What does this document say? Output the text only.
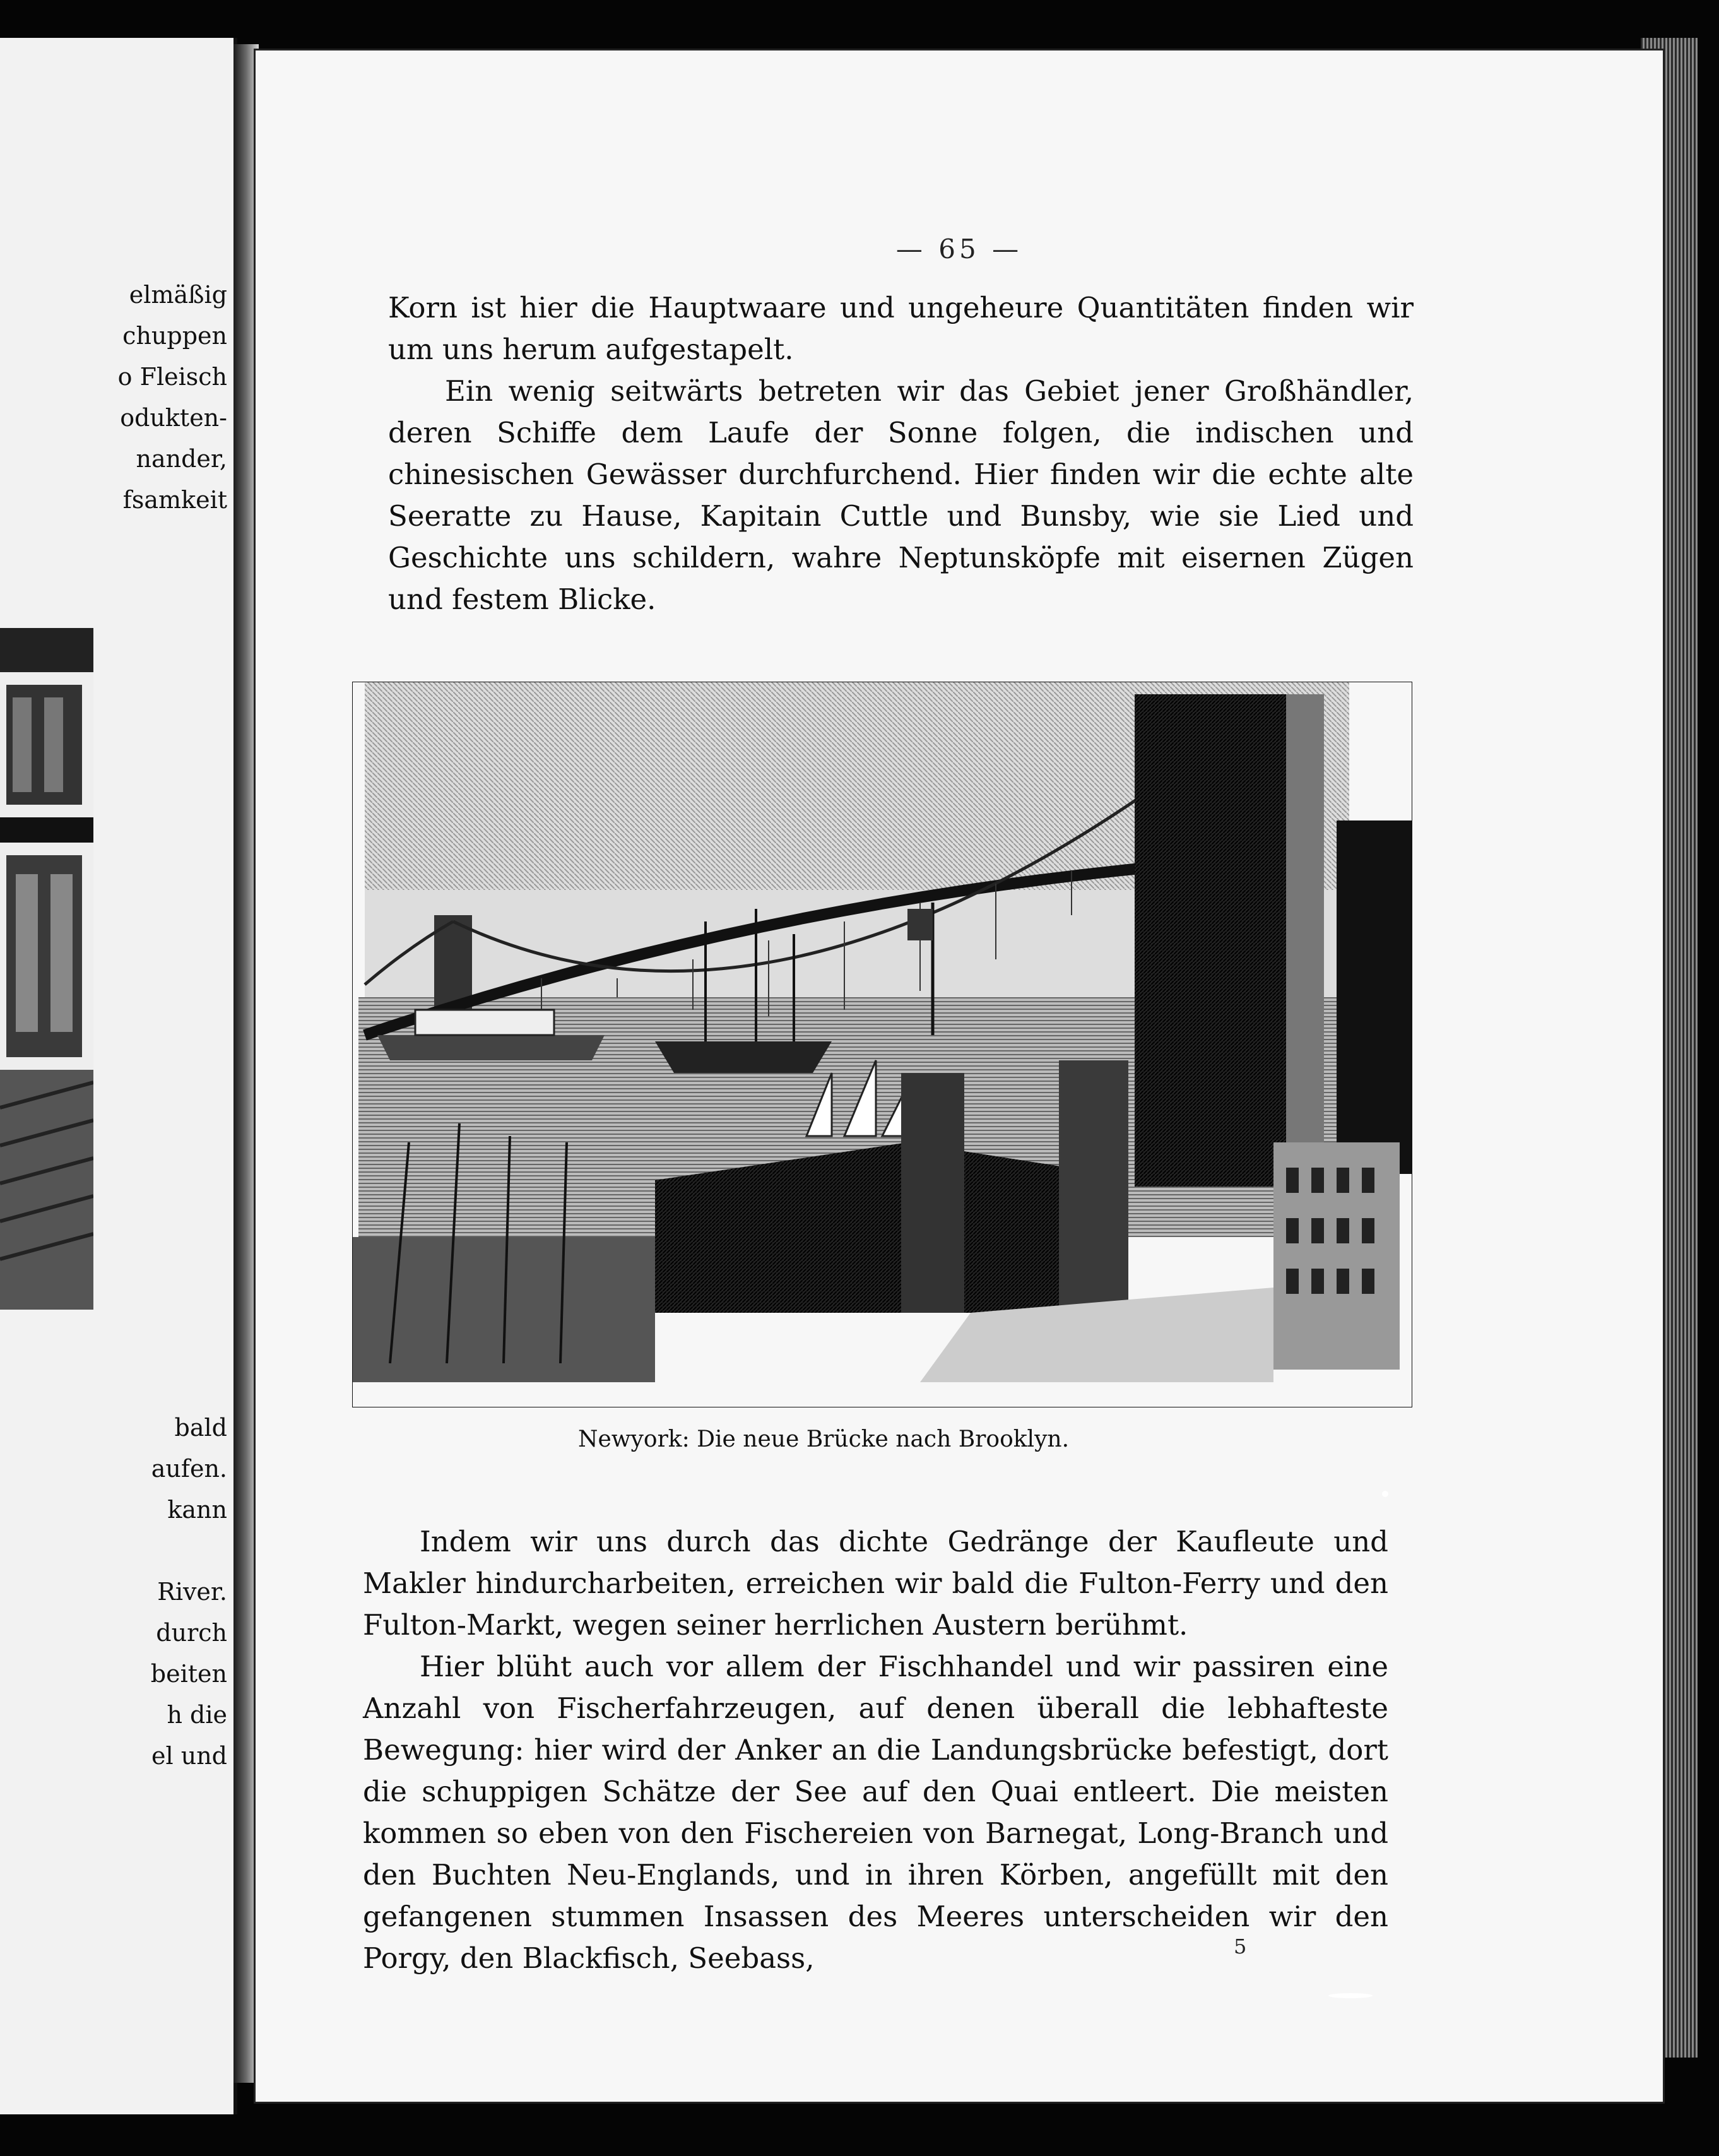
elmäßig
chuppen
o Fleisch
odukten-
nander,
fsamkeit
bald
aufen.
kann
River.
durch
beiten
h die
el und
— 65 —

Korn ist hier die Hauptwaare und ungeheure Quantitäten finden wir um uns herum aufgestapelt.

Ein wenig seitwärts betreten wir das Gebiet jener Großhändler, deren Schiffe dem Laufe der Sonne folgen, die indischen und chinesischen Gewässer durchfurchend. Hier finden wir die echte alte Seeratte zu Hause, Kapitain Cuttle und Bunsby, wie sie Lied und Geschichte uns schildern, wahre Neptunsköpfe mit eisernen Zügen und festem Blicke.

Newyork: Die neue Brücke nach Brooklyn.

Indem wir uns durch das dichte Gedränge der Kaufleute und Makler hindurcharbeiten, erreichen wir bald die Fulton-Ferry und den Fulton-Markt, wegen seiner herrlichen Austern berühmt.

Hier blüht auch vor allem der Fischhandel und wir passiren eine Anzahl von Fischerfahrzeugen, auf denen überall die lebhafteste Bewegung: hier wird der Anker an die Landungsbrücke befestigt, dort die schuppigen Schätze der See auf den Quai entleert. Die meisten kommen so eben von den Fischereien von Barnegat, Long-Branch und den Buchten Neu-Englands, und in ihren Körben, angefüllt mit den gefangenen stummen Insassen des Meeres unterscheiden wir den Porgy, den Blackfisch, Seebass,	5
